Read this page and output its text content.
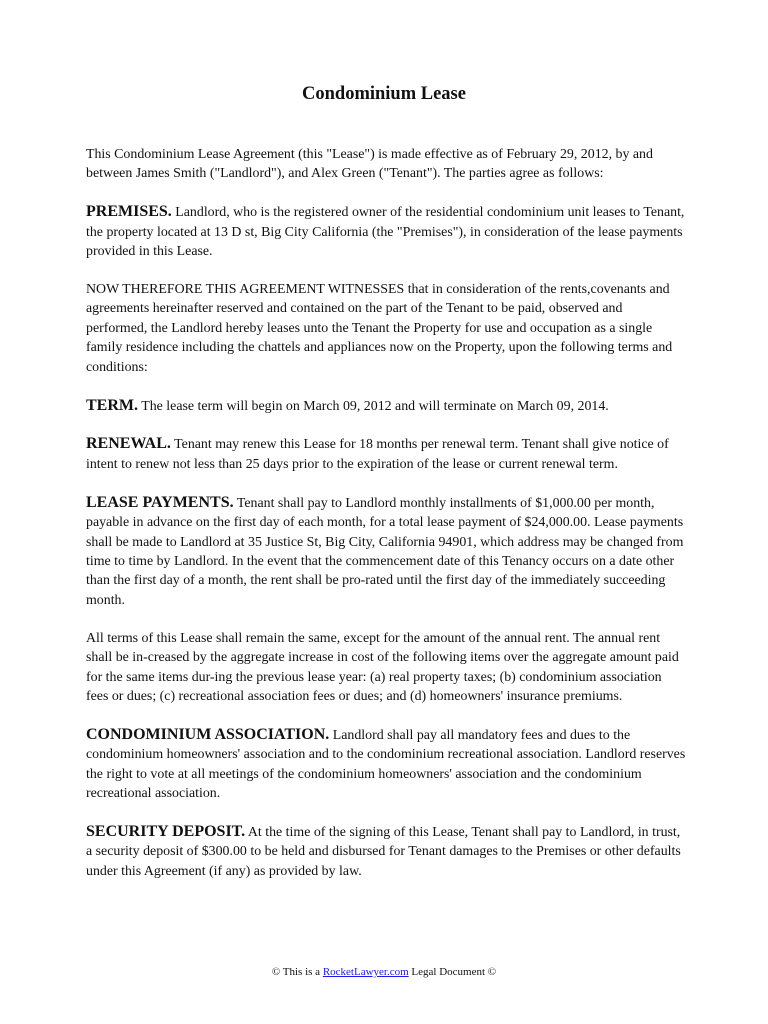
Condominium Lease

This Condominium Lease Agreement (this "Lease") is made effective as of February 29, 2012, by and between James Smith ("Landlord"), and Alex Green ("Tenant"). The parties agree as follows:

PREMISES. Landlord, who is the registered owner of the residential condominium unit leases to Tenant, the property located at 13 D st, Big City California (the "Premises"), in consideration of the lease payments provided in this Lease.

NOW THEREFORE THIS AGREEMENT WITNESSES that in consideration of the rents,covenants and agreements hereinafter reserved and contained on the part of the Tenant to be paid, observed and performed, the Landlord hereby leases unto the Tenant the Property for use and occupation as a single family residence including the chattels and appliances now on the Property, upon the following terms and conditions:

TERM. The lease term will begin on March 09, 2012 and will terminate on March 09, 2014.

RENEWAL. Tenant may renew this Lease for 18 months per renewal term. Tenant shall give notice of intent to renew not less than 25 days prior to the expiration of the lease or current renewal term.

LEASE PAYMENTS. Tenant shall pay to Landlord monthly installments of $1,000.00 per month, payable in advance on the first day of each month, for a total lease payment of $24,000.00. Lease payments shall be made to Landlord at 35 Justice St, Big City, California 94901, which address may be changed from time to time by Landlord. In the event that the commencement date of this Tenancy occurs on a date other than the first day of a month, the rent shall be pro-rated until the first day of the immediately succeeding month.

All terms of this Lease shall remain the same, except for the amount of the annual rent. The annual rent shall be in-creased by the aggregate increase in cost of the following items over the aggregate amount paid for the same items dur-ing the previous lease year: (a) real property taxes; (b) condominium association fees or dues; (c) recreational association fees or dues; and (d) homeowners' insurance premiums.

CONDOMINIUM ASSOCIATION. Landlord shall pay all mandatory fees and dues to the condominium homeowners' association and to the condominium recreational association. Landlord reserves the right to vote at all meetings of the condominium homeowners' association and the condominium recreational association.

SECURITY DEPOSIT. At the time of the signing of this Lease, Tenant shall pay to Landlord, in trust, a security deposit of $300.00 to be held and disbursed for Tenant damages to the Premises or other defaults under this Agreement (if any) as provided by law.

© This is a RocketLawyer.com Legal Document ©
